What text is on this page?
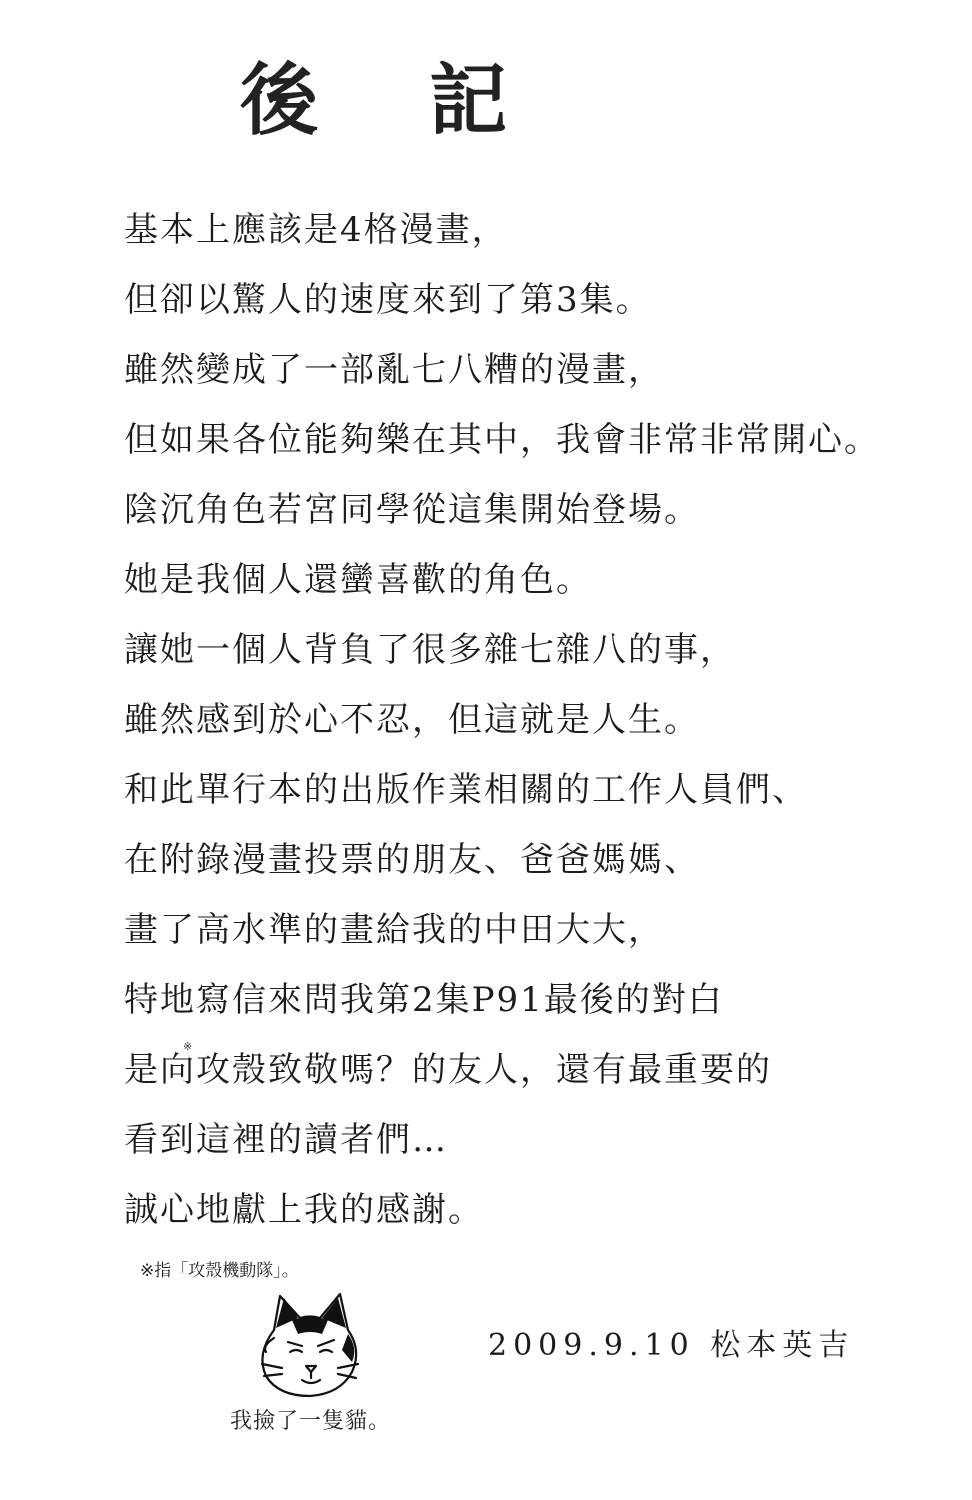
後 記
基本上應該是4格漫畫，
但卻以驚人的速度來到了第3集。
雖然變成了一部亂七八糟的漫畫，
但如果各位能夠樂在其中，我會非常非常開心。
陰沉角色若宮同學從這集開始登場。
她是我個人還蠻喜歡的角色。
讓她一個人背負了很多雜七雜八的事，
雖然感到於心不忍，但這就是人生。
和此單行本的出版作業相關的工作人員們、
在附錄漫畫投票的朋友、爸爸媽媽、
畫了高水準的畫給我的中田大大，
特地寫信來問我第2集P91最後的對白
是向攻殼致敬嗎？的友人，還有最重要的
看到這裡的讀者們…
誠心地獻上我的感謝。
※
※指「攻殼機動隊」。
我撿了一隻貓。
2009.9.10 松本英吉
